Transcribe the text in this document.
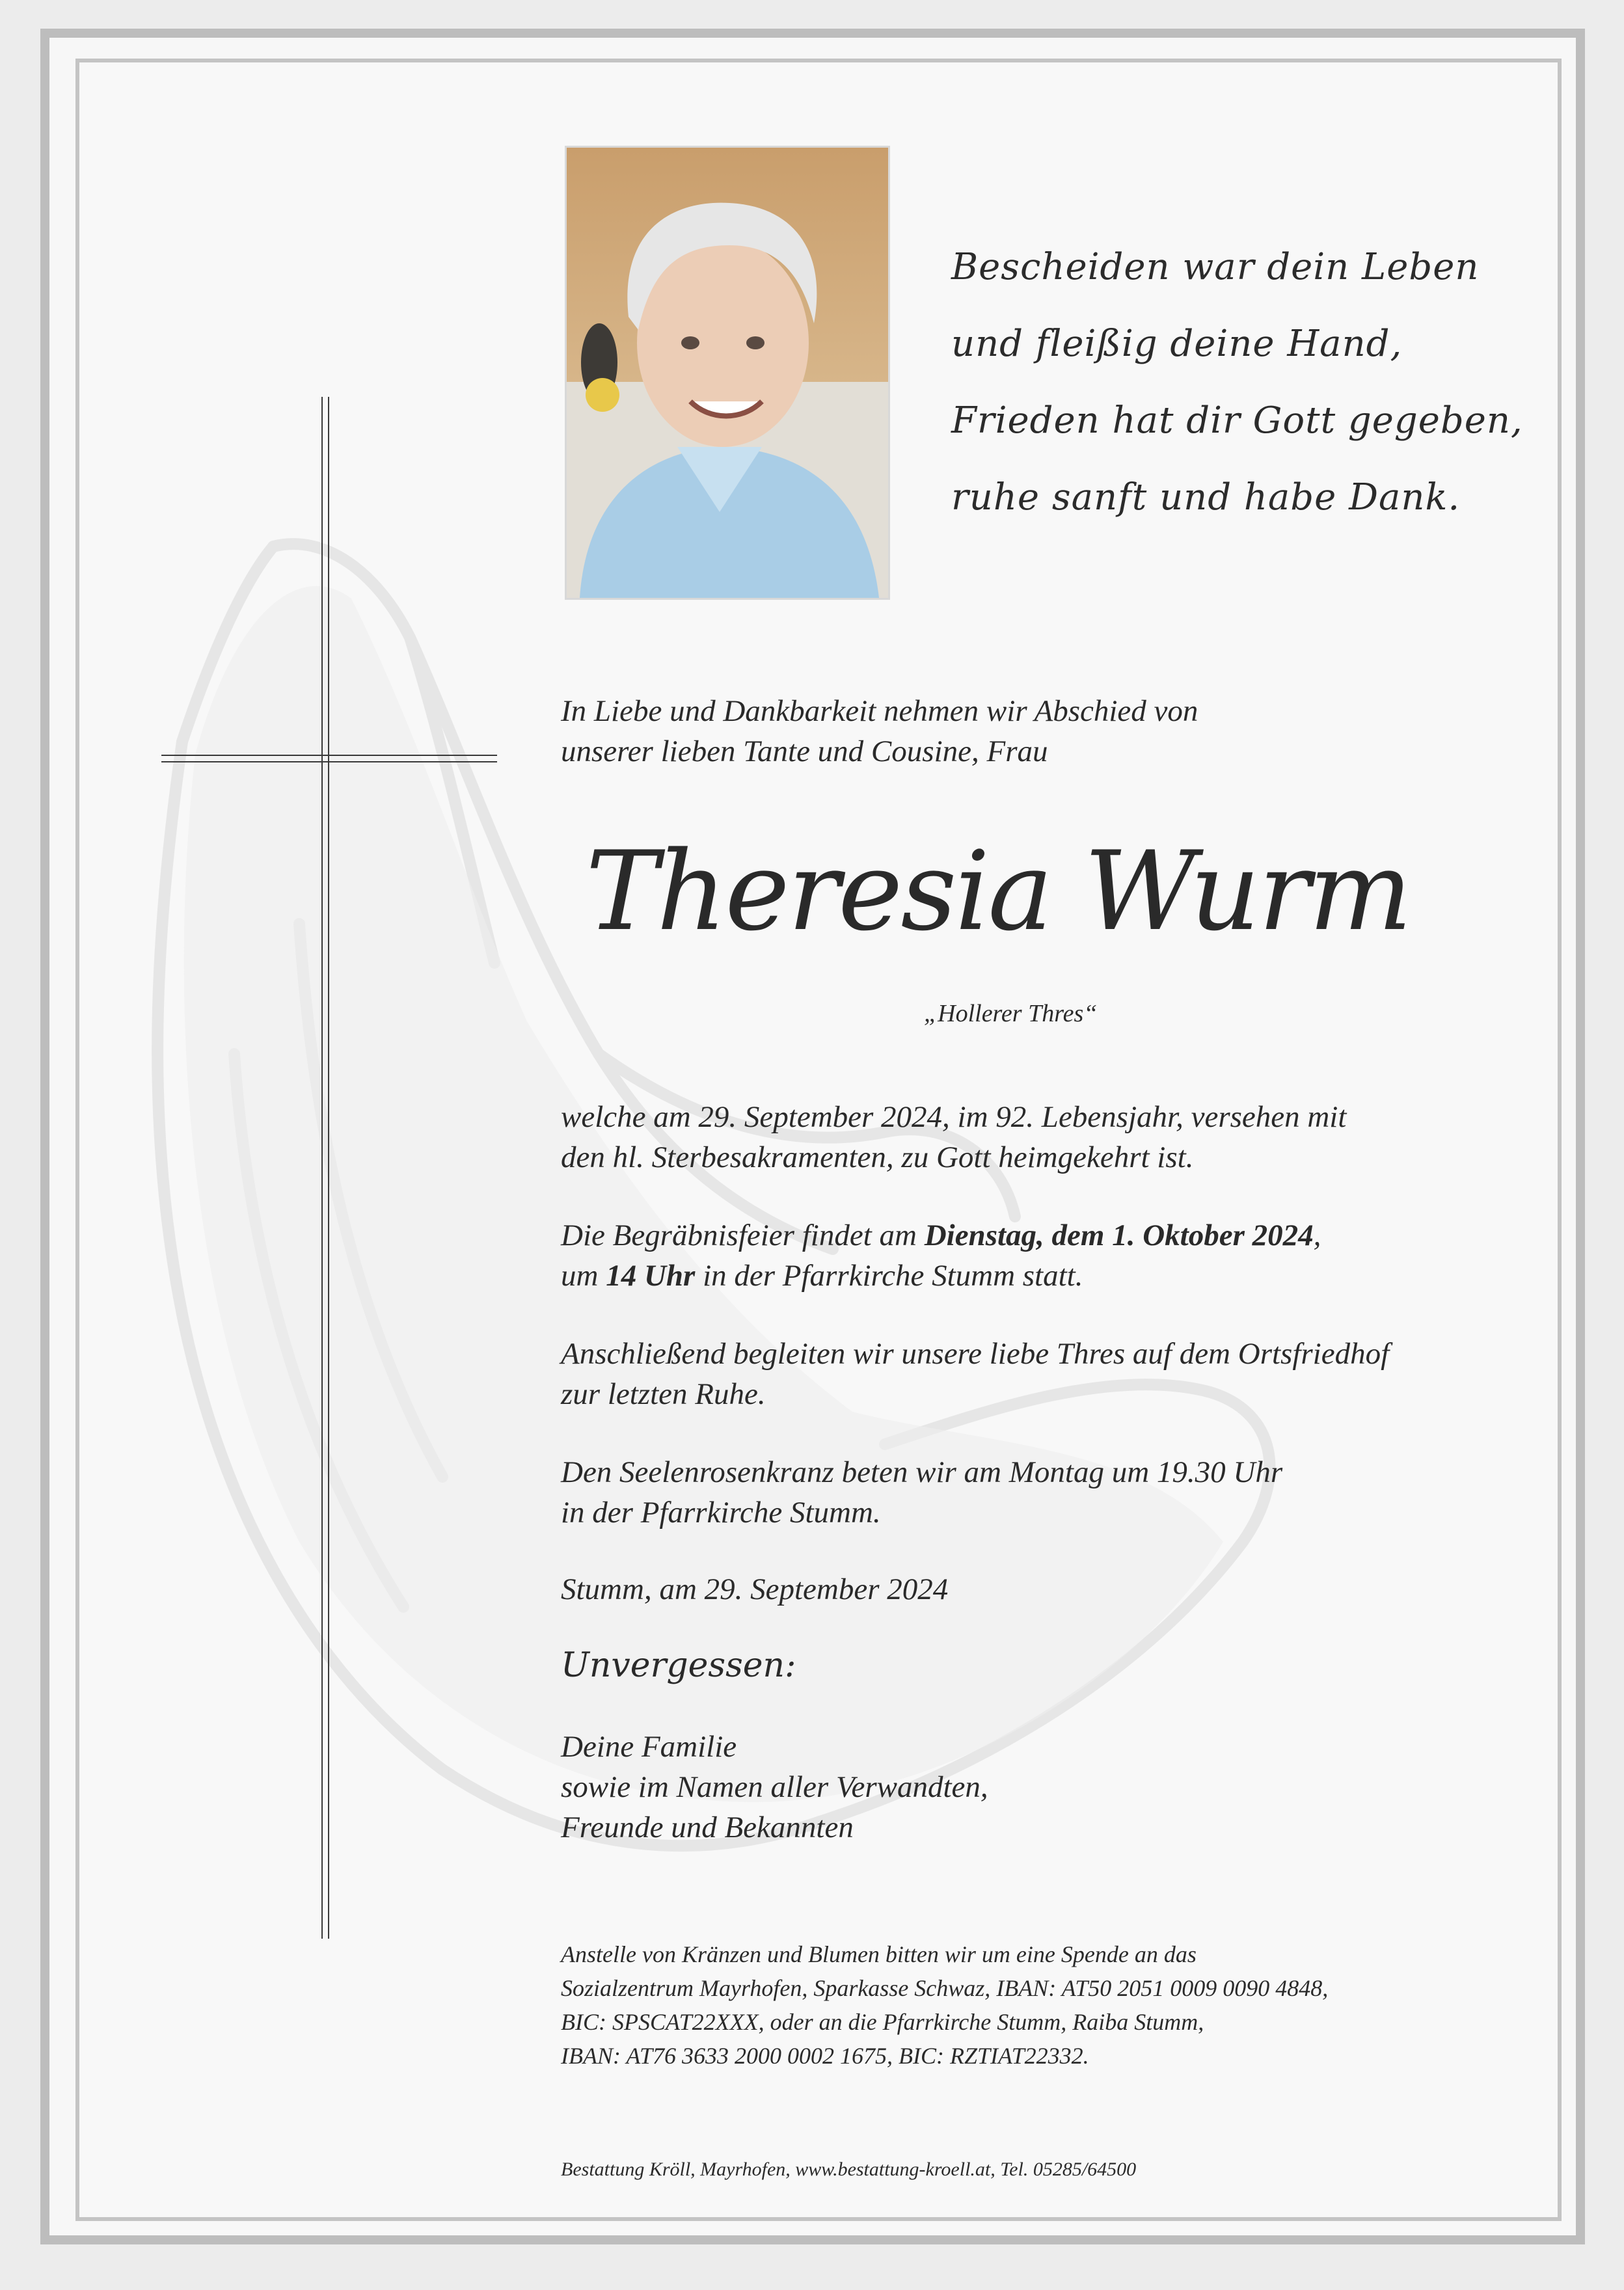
Bescheiden war dein Leben
und fleißig deine Hand,
Frieden hat dir Gott gegeben,
ruhe sanft und habe Dank.
In Liebe und Dankbarkeit nehmen wir Abschied von
unserer lieben Tante und Cousine, Frau
Theresia Wurm
„Hollerer Thres“
welche am 29. September 2024, im 92. Lebensjahr, versehen mit
den hl. Sterbesakramenten, zu Gott heimgekehrt ist.
Die Begräbnisfeier findet am Dienstag, dem 1. Oktober 2024,
um 14 Uhr in der Pfarrkirche Stumm statt.
Anschließend begleiten wir unsere liebe Thres auf dem Ortsfriedhof
zur letzten Ruhe.
Den Seelenrosenkranz beten wir am Montag um 19.30 Uhr
in der Pfarrkirche Stumm.
Stumm, am 29. September 2024
Unvergessen:
Deine Familie
sowie im Namen aller Verwandten,
Freunde und Bekannten
Anstelle von Kränzen und Blumen bitten wir um eine Spende an das
Sozialzentrum Mayrhofen, Sparkasse Schwaz, IBAN: AT50 2051 0009 0090 4848,
BIC: SPSCAT22XXX, oder an die Pfarrkirche Stumm, Raiba Stumm,
IBAN: AT76 3633 2000 0002 1675, BIC: RZTIAT22332.
Bestattung Kröll, Mayrhofen, www.bestattung-kroell.at, Tel. 05285/64500
